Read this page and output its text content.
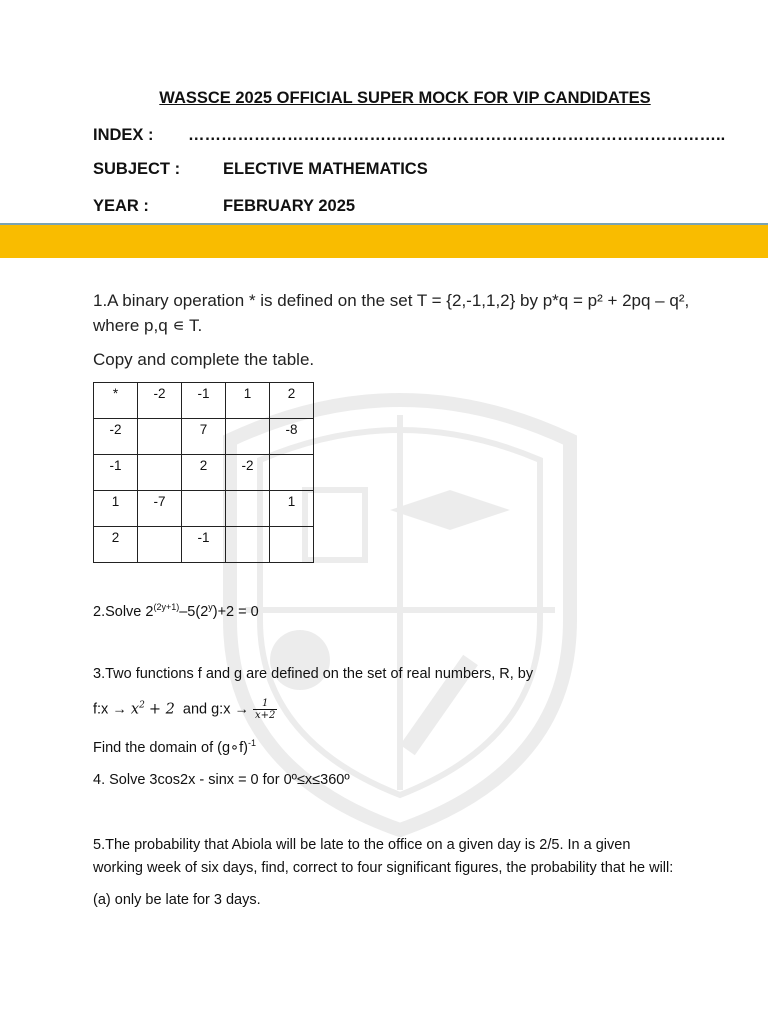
WASSCE 2025 OFFICIAL SUPER MOCK FOR VIP CANDIDATES
INDEX : ……………………………………………………………………………………..
SUBJECT :	ELECTIVE MATHEMATICS
YEAR :	FEBRUARY 2025

1.A binary operation * is defined on the set T = {2,-1,1,2} by p*q = p² + 2pq – q², where p,q ∊ T.

Copy and complete the table.

*	-2	-1	1	2
-2		7		-8
-1		2	-2	
1	-7			1
2		-1		
2.Solve $2^{(2y+1)}-5(2^y)+2 = 0$
3.Two functions f and g are defined on the set of real numbers, R, by
f:x → $x^2 + 2$ and g:x → $\frac{1}{x+2}$
Find the domain of (g∘f)$^{-1}$
4. Solve 3cos2x - sinx = 0 for 0º≤x≤360º

5.The probability that Abiola will be late to the office on a given day is 2/5. In a given working week of six days, find, correct to four significant figures, the probability that he will:

(a) only be late for 3 days.
